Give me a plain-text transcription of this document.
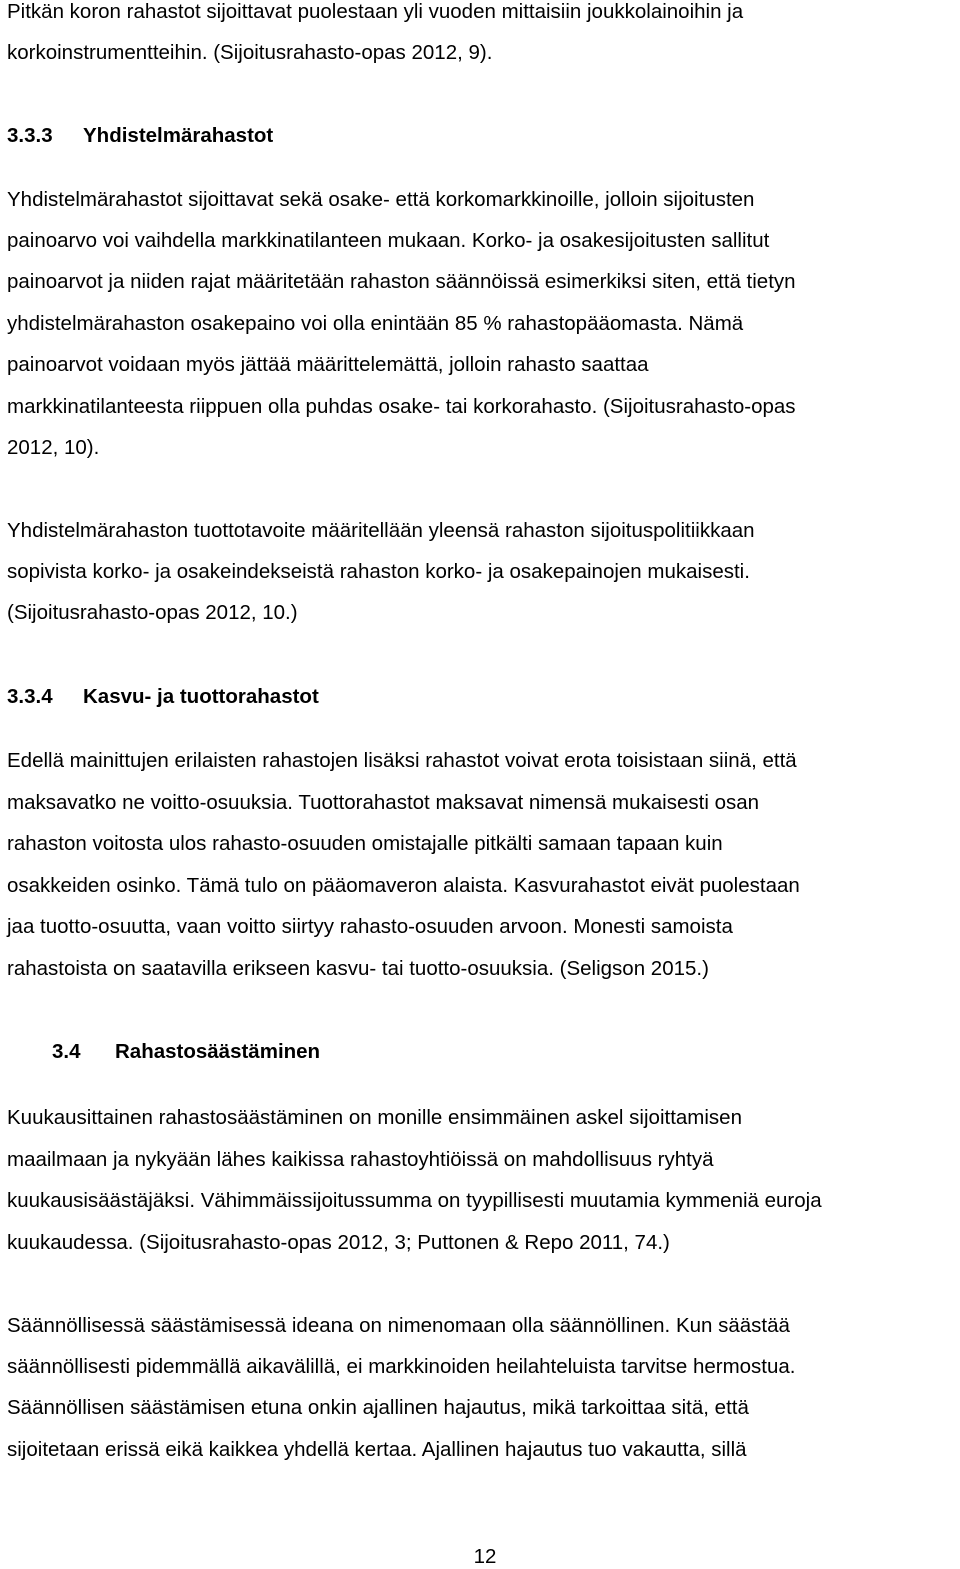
Pitkän koron rahastot sijoittavat puolestaan yli vuoden mittaisiin joukkolainoihin ja
korkoinstrumentteihin. (Sijoitusrahasto-opas 2012, 9).
3.3.3 Yhdistelmärahastot
Yhdistelmärahastot sijoittavat sekä osake- että korkomarkkinoille, jolloin sijoitusten
painoarvo voi vaihdella markkinatilanteen mukaan. Korko- ja osakesijoitusten sallitut
painoarvot ja niiden rajat määritetään rahaston säännöissä esimerkiksi siten, että tietyn
yhdistelmärahaston osakepaino voi olla enintään 85 % rahastopääomasta. Nämä
painoarvot voidaan myös jättää määrittelemättä, jolloin rahasto saattaa
markkinatilanteesta riippuen olla puhdas osake- tai korkorahasto. (Sijoitusrahasto-opas
2012, 10).
Yhdistelmärahaston tuottotavoite määritellään yleensä rahaston sijoituspolitiikkaan
sopivista korko- ja osakeindekseistä rahaston korko- ja osakepainojen mukaisesti.
(Sijoitusrahasto-opas 2012, 10.)
3.3.4 Kasvu- ja tuottorahastot
Edellä mainittujen erilaisten rahastojen lisäksi rahastot voivat erota toisistaan siinä, että
maksavatko ne voitto-osuuksia. Tuottorahastot maksavat nimensä mukaisesti osan
rahaston voitosta ulos rahasto-osuuden omistajalle pitkälti samaan tapaan kuin
osakkeiden osinko. Tämä tulo on pääomaveron alaista. Kasvurahastot eivät puolestaan
jaa tuotto-osuutta, vaan voitto siirtyy rahasto-osuuden arvoon. Monesti samoista
rahastoista on saatavilla erikseen kasvu- tai tuotto-osuuksia. (Seligson 2015.)
3.4 Rahastosäästäminen
Kuukausittainen rahastosäästäminen on monille ensimmäinen askel sijoittamisen
maailmaan ja nykyään lähes kaikissa rahastoyhtiöissä on mahdollisuus ryhtyä
kuukausisäästäjäksi. Vähimmäissijoitussumma on tyypillisesti muutamia kymmeniä euroja
kuukaudessa. (Sijoitusrahasto-opas 2012, 3; Puttonen & Repo 2011, 74.)
Säännöllisessä säästämisessä ideana on nimenomaan olla säännöllinen. Kun säästää
säännöllisesti pidemmällä aikavälillä, ei markkinoiden heilahteluista tarvitse hermostua.
Säännöllisen säästämisen etuna onkin ajallinen hajautus, mikä tarkoittaa sitä, että
sijoitetaan erissä eikä kaikkea yhdellä kertaa. Ajallinen hajautus tuo vakautta, sillä
12
